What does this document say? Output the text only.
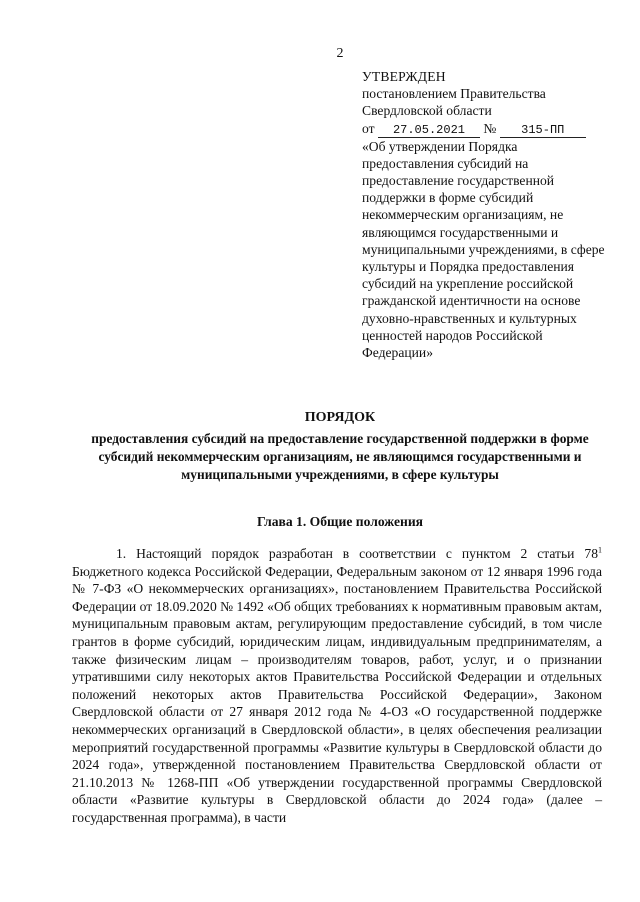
2
УТВЕРЖДЕН
постановлением Правительства
Свердловской области
от 27.05.2021 № 315-ПП
«Об утверждении Порядка предоставления субсидий на предоставление государственной поддержки в форме субсидий некоммерческим организациям, не являющимся государственными и муниципальными учреждениями, в сфере культуры и Порядка предоставления субсидий на укрепление российской гражданской идентичности на основе духовно-нравственных и культурных ценностей народов Российской Федерации»
ПОРЯДОК
предоставления субсидий на предоставление государственной поддержки в форме субсидий некоммерческим организациям, не являющимся государственными и муниципальными учреждениями, в сфере культуры
Глава 1. Общие положения

1. Настоящий порядок разработан в соответствии с пунктом 2 статьи $78^1$ Бюджетного кодекса Российской Федерации, Федеральным законом от 12 января 1996 года № 7-ФЗ «О некоммерческих организациях», постановлением Правительства Российской Федерации от 18.09.2020 № 1492 «Об общих требованиях к нормативным правовым актам, муниципальным правовым актам, регулирующим предоставление субсидий, в том числе грантов в форме субсидий, юридическим лицам, индивидуальным предпринимателям, а также физическим лицам – производителям товаров, работ, услуг, и о признании утратившими силу некоторых актов Правительства Российской Федерации и отдельных положений некоторых актов Правительства Российской Федерации», Законом Свердловской области от 27 января 2012 года № 4-ОЗ «О государственной поддержке некоммерческих организаций в Свердловской области», в целях обеспечения реализации мероприятий государственной программы «Развитие культуры в Свердловской области до 2024 года», утвержденной постановлением Правительства Свердловской области от 21.10.2013 № 1268-ПП «Об утверждении государственной программы Свердловской области «Развитие культуры в Свердловской области до 2024 года» (далее – государственная программа), в части
